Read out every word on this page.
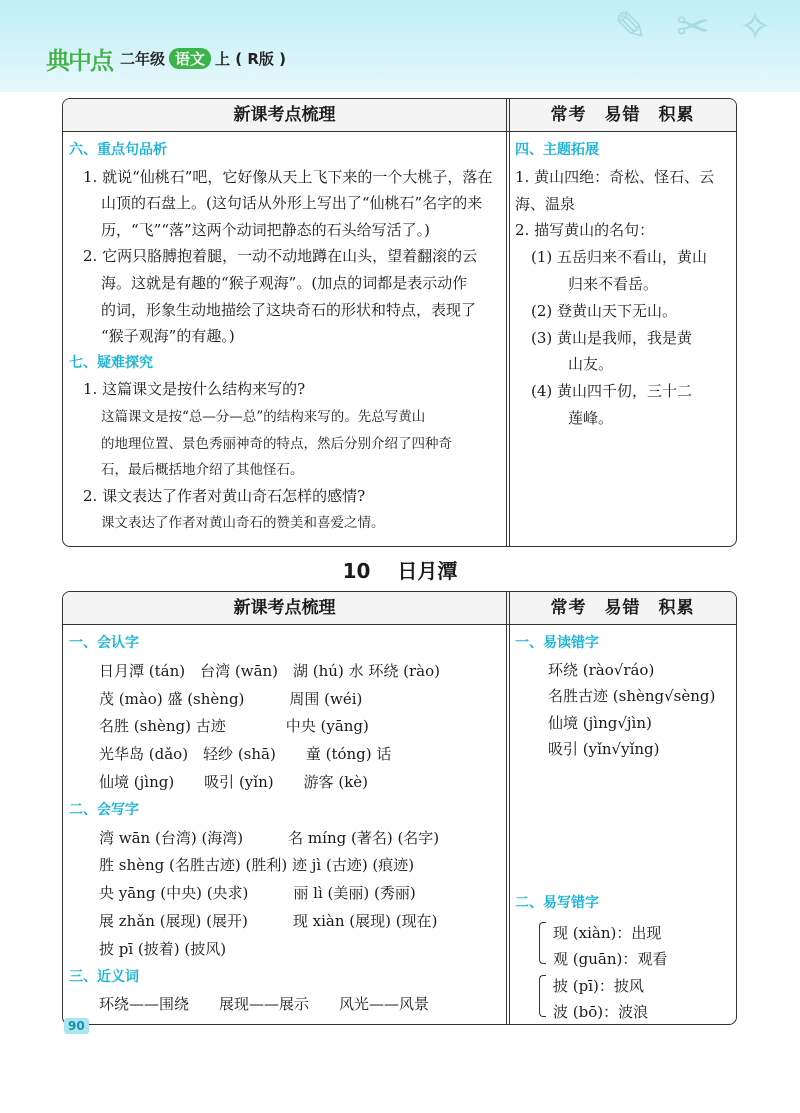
✎ ✂ ✧
典中点 二年级 语文 上 ( R版 )
新课考点梳理	常考　易错　积累
六、重点句品析
1. 就说“仙桃石”吧，它好像从天上飞下来的一个大桃子，落在
山顶的石盘上。(这句话从外形上写出了“仙桃石”名字的来
历，“飞”“落”这两个动词把静态的石头给写活了。)
2. 它两只胳膊抱着腿，一动不动地蹲在山头，望着翻滚的云
海。这就是有趣的“猴子观海”。(加点的词都是表示动作
的词，形象生动地描绘了这块奇石的形状和特点，表现了
“猴子观海”的有趣。)
七、疑难探究
1. 这篇课文是按什么结构来写的?
这篇课文是按“总—分—总”的结构来写的。先总写黄山
的地理位置、景色秀丽神奇的特点，然后分别介绍了四种奇
石，最后概括地介绍了其他怪石。
2. 课文表达了作者对黄山奇石怎样的感情?
课文表达了作者对黄山奇石的赞美和喜爱之情。
四、主题拓展
1. 黄山四绝：奇松、怪石、云
海、温泉
2. 描写黄山的名句：
(1) 五岳归来不看山，黄山
归来不看岳。
(2) 登黄山天下无山。
(3) 黄山是我师，我是黄
山友。
(4) 黄山四千仞，三十二
莲峰。
10 日月潭
新课考点梳理	常考　易错　积累
一、会认字
日月潭 (tán)　台湾 (wān)　湖 (hú) 水 环绕 (rào)
茂 (mào) 盛 (shèng)　　　周围 (wéi)
名胜 (shèng) 古迹　　　　中央 (yāng)
光华岛 (dǎo)　轻纱 (shā)　　童 (tóng) 话
仙境 (jìng)　　吸引 (yǐn)　　游客 (kè)
二、会写字
湾 wān (台湾) (海湾)　　　名 míng (著名) (名字)
胜 shèng (名胜古迹) (胜利) 迹 jì (古迹) (痕迹)
央 yāng (中央) (央求)　　　丽 lì (美丽) (秀丽)
展 zhǎn (展现) (展开)　　　现 xiàn (展现) (现在)
披 pī (披着) (披风)
三、近义词
环绕——围绕　　展现——展示　　风光——风景
一、易读错字
环绕 (rào√ráo)
名胜古迹 (shèng√sèng)
仙境 (jìng√jìn)
吸引 (yǐn√yǐng)
二、易写错字
现 (xiàn)：出现
观 (guān)：观看
披 (pī)：披风
波 (bō)：波浪
90
